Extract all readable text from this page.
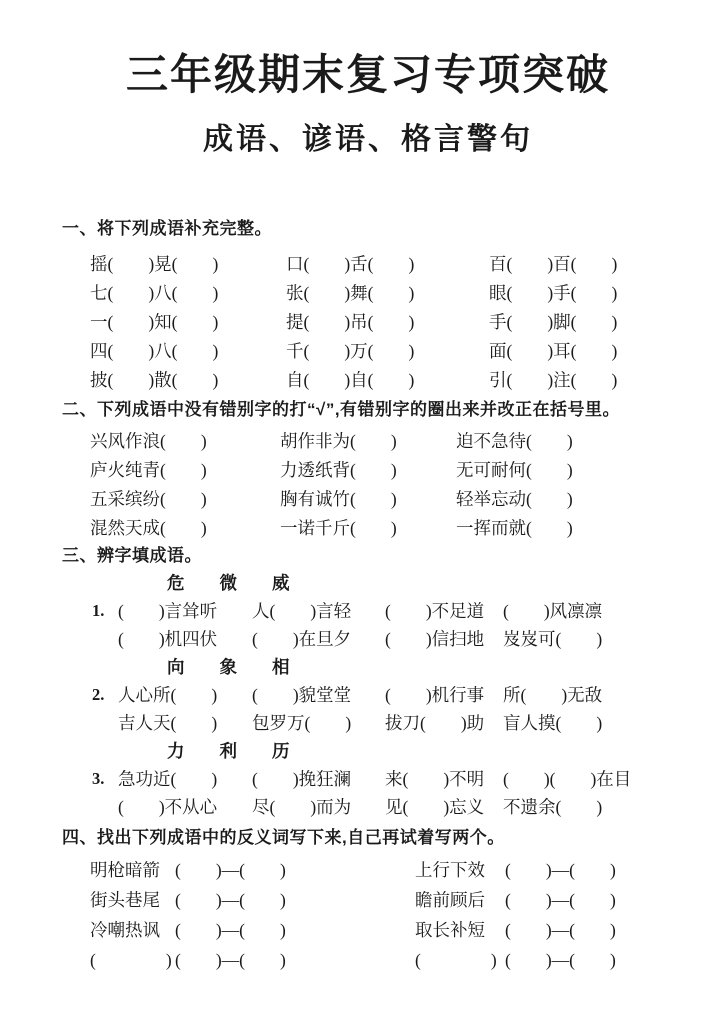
三年级期末复习专项突破
成语、谚语、格言警句
一、将下列成语补充完整。
摇(　　)晃(　　)	口(　　)舌(　　)	百(　　)百(　　)
七(　　)八(　　)	张(　　)舞(　　)	眼(　　)手(　　)
一(　　)知(　　)	提(　　)吊(　　)	手(　　)脚(　　)
四(　　)八(　　)	千(　　)万(　　)	面(　　)耳(　　)
披(　　)散(　　)	自(　　)自(　　)	引(　　)注(　　)
二、下列成语中没有错别字的打“√”,有错别字的圈出来并改正在括号里。
兴风作浪(　　)	胡作非为(　　)	迫不急待(　　)
庐火纯青(　　)	力透纸背(　　)	无可耐何(　　)
五采缤纷(　　)	胸有诚竹(　　)	轻举忘动(　　)
混然天成(　　)	一诺千斤(　　)	一挥而就(　　)
三、辨字填成语。
危　　微　　威
1. (　　)言耸听	人(　　)言轻	(　　)不足道	(　　)风凛凛
(　　)机四伏	(　　)在旦夕	(　　)信扫地	岌岌可(　　)
向　　象　　相
2. 人心所(　　)	(　　)貌堂堂	(　　)机行事	所(　　)无敌
吉人天(　　)	包罗万(　　)	拔刀(　　)助	盲人摸(　　)
力　　利　　历
3. 急功近(　　)	(　　)挽狂澜	来(　　)不明	(　　)(　　)在目
(　　)不从心	尽(　　)而为	见(　　)忘义	不遗余(　　)
四、找出下列成语中的反义词写下来,自己再试着写两个。
明枪暗箭 (　　)—(　　)	上行下效	(　　)—(　　)
街头巷尾 (　　)—(　　)	瞻前顾后	(　　)—(　　)
冷嘲热讽 (　　)—(　　)	取长补短	(　　)—(　　)
(　　　　) (　　)—(　　)	(　　　　) (　　)—(　　)
